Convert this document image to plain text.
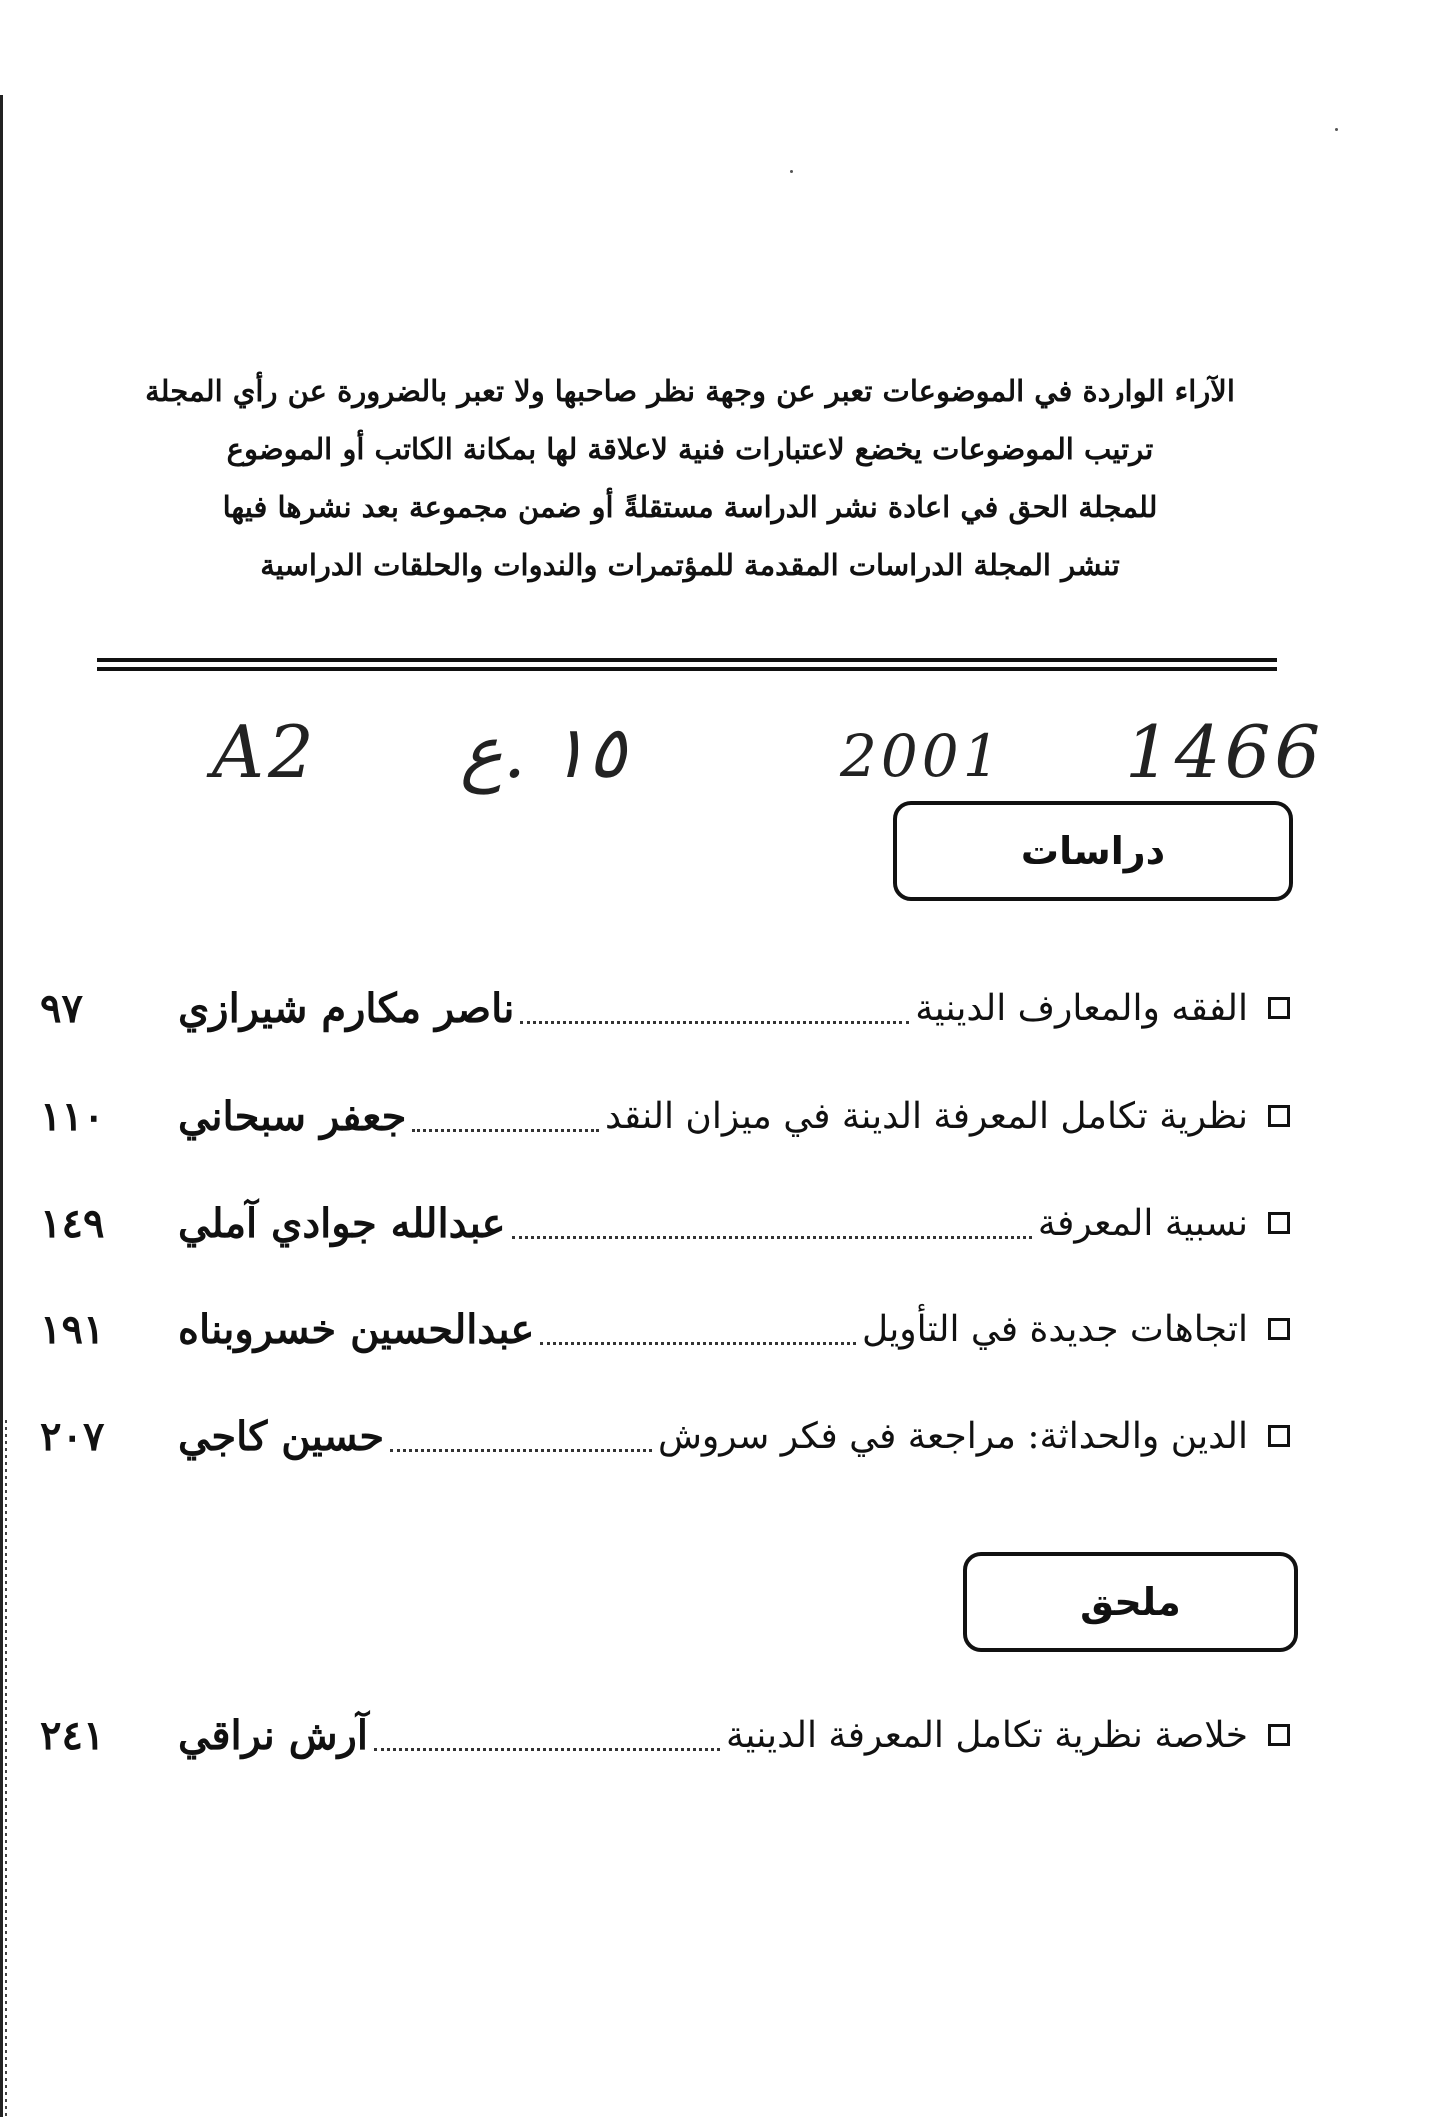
الآراء الواردة في الموضوعات تعبر عن وجهة نظر صاحبها ولا تعبر بالضرورة عن رأي المجلة
ترتيب الموضوعات يخضع لاعتبارات فنية لاعلاقة لها بمكانة الكاتب أو الموضوع
للمجلة الحق في اعادة نشر الدراسة مستقلةً أو ضمن مجموعة بعد نشرها فيها
تنشر المجلة الدراسات المقدمة للمؤتمرات والندوات والحلقات الدراسية
A2 ١٥ .ع	2001 1466
دراسات
الفقه والمعارف الدينية
ناصر مكارم شيرازي
٩٧
نظرية تكامل المعرفة الدينة في ميزان النقد
جعفر سبحاني
١١٠
نسبية المعرفة
عبدالله جوادي آملي
١٤٩
اتجاهات جديدة في التأويل
عبدالحسين خسروبناه
١٩١
الدين والحداثة: مراجعة في فكر سروش
حسين كاجي
٢٠٧
ملحق
خلاصة نظرية تكامل المعرفة الدينية
آرش نراقي
٢٤١
